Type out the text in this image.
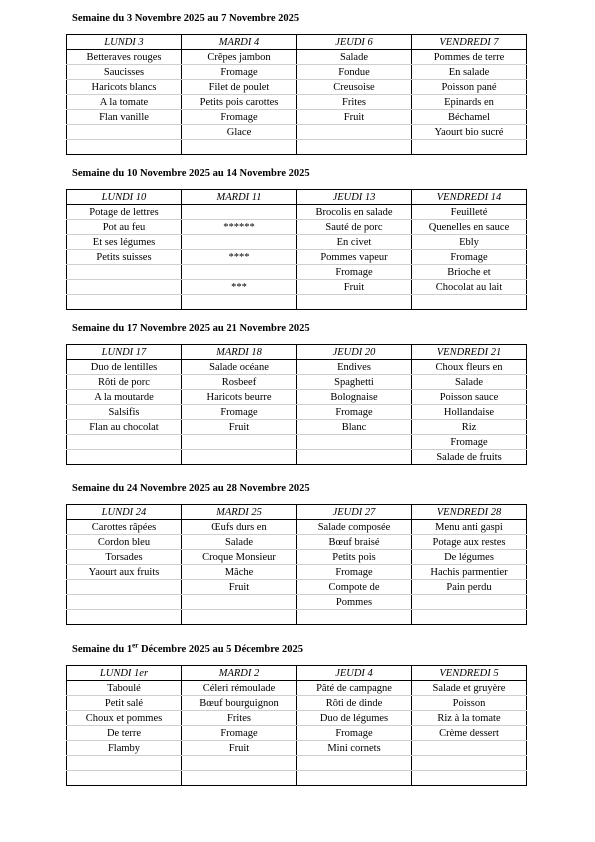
Semaine du 3 Novembre 2025 au 7 Novembre 2025
LUNDI 3	MARDI 4	JEUDI 6	VENDREDI 7
Betteraves rouges	Crêpes jambon	Salade	Pommes de terre
Saucisses	Fromage	Fondue	En salade
Haricots blancs	Filet de poulet	Creusoise	Poisson pané
A la tomate	Petits pois carottes	Frites	Epinards en
Flan vanille	Fromage	Fruit	Béchamel
	Glace		Yaourt bio sucré

Semaine du 10 Novembre 2025 au 14 Novembre 2025
LUNDI 10	MARDI 11	JEUDI 13	VENDREDI 14
Potage de lettres		Brocolis en salade	Feuilleté
Pot au feu	******	Sauté de porc	Quenelles en sauce
Et ses légumes		En civet	Ebly
Petits suisses	****	Pommes vapeur	Fromage
		Fromage	Brioche et
	***	Fruit	Chocolat au lait

Semaine du 17 Novembre 2025 au 21 Novembre 2025
LUNDI 17	MARDI 18	JEUDI 20	VENDREDI 21
Duo de lentilles	Salade océane	Endives	Choux fleurs en
Rôti de porc	Rosbeef	Spaghetti	Salade
A la moutarde	Haricots beurre	Bolognaise	Poisson sauce
Salsifis	Fromage	Fromage	Hollandaise
Flan au chocolat	Fruit	Blanc	Riz
			Fromage
			Salade de fruits
Semaine du 24 Novembre 2025 au 28 Novembre 2025
LUNDI 24	MARDI 25	JEUDI 27	VENDREDI 28
Carottes râpées	Œufs durs en	Salade composée	Menu anti gaspi
Cordon bleu	Salade	Bœuf braisé	Potage aux restes
Torsades	Croque Monsieur	Petits pois	De légumes
Yaourt aux fruits	Mâche	Fromage	Hachis parmentier
	Fruit	Compote de	Pain perdu
		Pommes	

Semaine du 1er Décembre 2025 au 5 Décembre 2025
LUNDI 1er	MARDI 2	JEUDI 4	VENDREDI 5
Taboulé	Céleri rémoulade	Pâté de campagne	Salade et gruyère
Petit salé	Bœuf bourguignon	Rôti de dinde	Poisson
Choux et pommes	Frites	Duo de légumes	Riz à la tomate
De terre	Fromage	Fromage	Crème dessert
Flamby	Fruit	Mini cornets	
